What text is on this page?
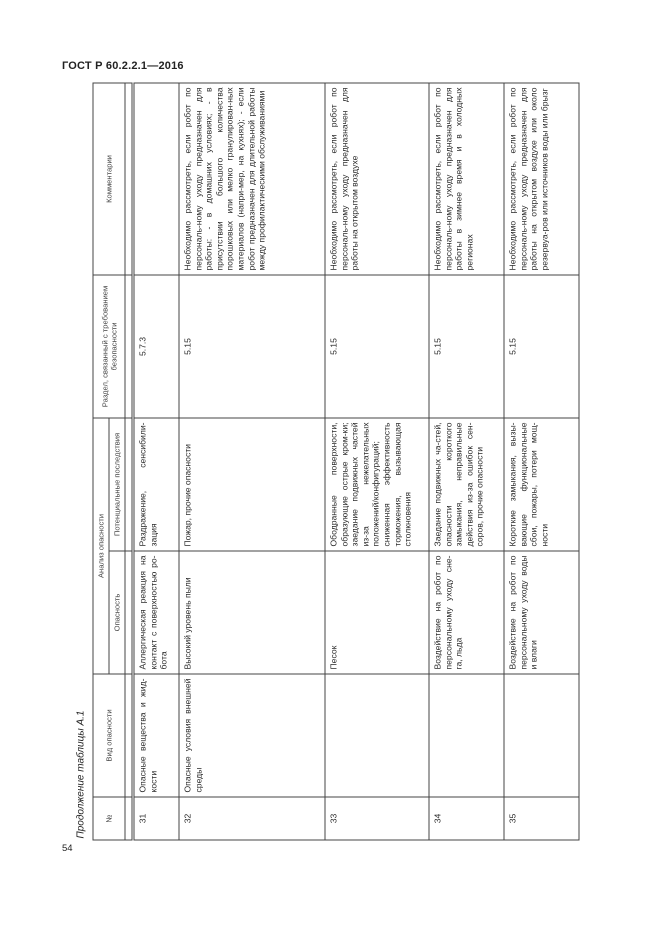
ГОСТ Р 60.2.2.1—2016
Продолжение таблицы А.1	№	Вид опасности	Анализ опасности		Раздел, связанный с требованием безопасности	Комментарии
		Опасность	Потенциальные последствия		

31	Опасные вещества и жид-кости	Аллергическая реакция на контакт с поверхностью ро-бота	Раздражение, сенсибили-зация	5.7.3	
32	Опасные условия внешней среды	Высокий уровень пыли	Пожар, прочие опасности	5.15	Необходимо рассмотреть, если робот по персональ-ному уходу предназначен для работы: - в домашних условиях; - в присутствии большого количества порошковых или мелко гранулирован-ных материалов (напри-мер, на кухнях); - если робот предназначен для длительной работы между профилактическими обслуживаниями
33		Песок	Ободранные поверхности, образующие острые кром-ки; заедание подвижных частей из-за нежелательных положений/конфигураций; сниженная эффективность торможения, вызывающая столкновения	5.15	Необходимо рассмотреть, если робот по персональ-ному уходу предназначен для работы на открытом воздухе
34		Воздействие на робот по персональному уходу сне-га, льда	Заедание подвижных ча-стей, опасности короткого замыкания, неправильные действия из-за ошибок сен-соров, прочие опасности	5.15	Необходимо рассмотреть, если робот по персональ-ному уходу предназначен для работы в зимнее время и в холодных регионах
35		Воздействие на робот по персональному уходу воды и влаги	Короткие замыкания, вызы-вающие функциональные сбои, пожары, потери мощ-ности	5.15	Необходимо рассмотреть, если робот по персональ-ному уходу предназначен для работы на открытом воздухе или около резервуа-ров или источников воды или брызг
54
